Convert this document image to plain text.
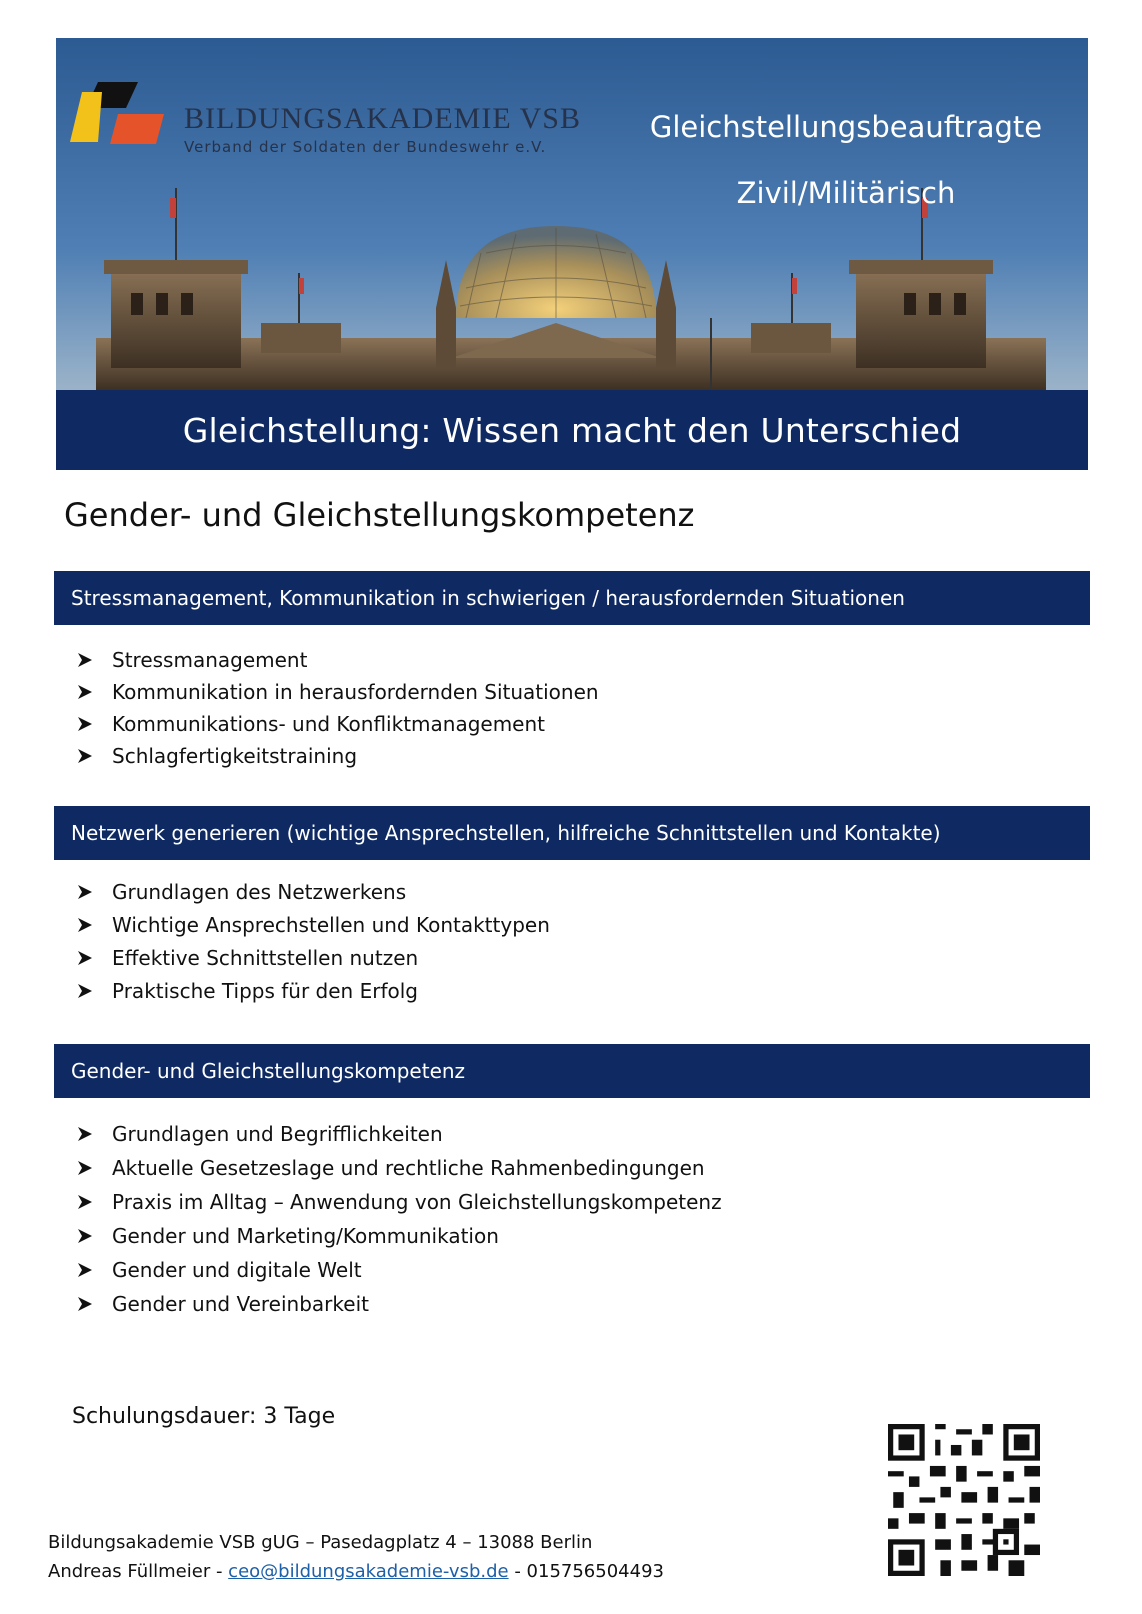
BILDUNGSAKADEMIE VSB
Verband der Soldaten der Bundeswehr e.V.
Gleichstellungsbeauftragte
Zivil/Militärisch
Gleichstellung: Wissen macht den Unterschied
Gender- und Gleichstellungskompetenz
Stressmanagement, Kommunikation in schwierigen / herausfordernden Situationen
Stressmanagement
Kommunikation in herausfordernden Situationen
Kommunikations- und Konfliktmanagement
Schlagfertigkeitstraining
Netzwerk generieren (wichtige Ansprechstellen, hilfreiche Schnittstellen und Kontakte)
Grundlagen des Netzwerkens
Wichtige Ansprechstellen und Kontakttypen
Effektive Schnittstellen nutzen
Praktische Tipps für den Erfolg
Gender- und Gleichstellungskompetenz
Grundlagen und Begrifflichkeiten
Aktuelle Gesetzeslage und rechtliche Rahmenbedingungen
Praxis im Alltag – Anwendung von Gleichstellungskompetenz
Gender und Marketing/Kommunikation
Gender und digitale Welt
Gender und Vereinbarkeit
Schulungsdauer: 3 Tage
Bildungsakademie VSB gUG – Pasedagplatz 4 – 13088 Berlin
Andreas Füllmeier - ceo@bildungsakademie-vsb.de - 015756504493
